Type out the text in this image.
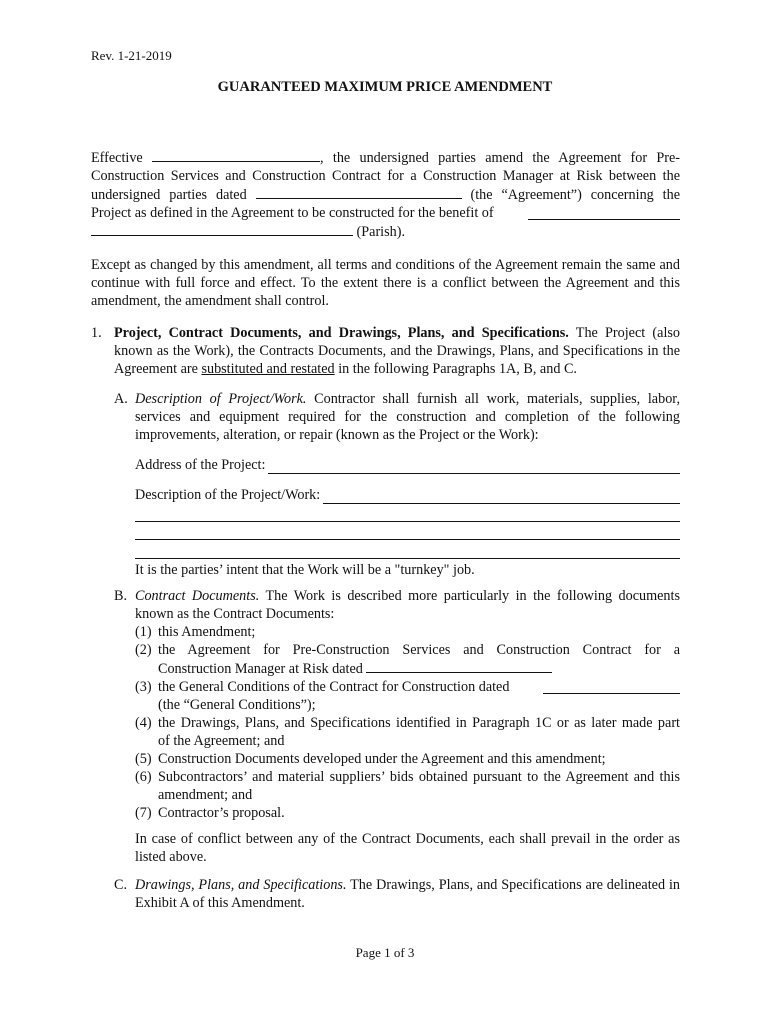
Rev. 1-21-2019
GUARANTEED MAXIMUM PRICE AMENDMENT
Effective	, the undersigned parties amend the Agreement for Pre-
Construction Services and Construction Contract for a Construction Manager at Risk between the
undersigned parties dated	(the “Agreement”) concerning the
Project as defined in the Agreement to be constructed for the benefit of
(Parish).
Except as changed by this amendment, all terms and conditions of the Agreement remain the same and continue with full force and effect. To the extent there is a conflict between the Agreement and this amendment, the amendment shall control.
1. Project, Contract Documents, and Drawings, Plans, and Specifications. The Project (also known as the Work), the Contracts Documents, and the Drawings, Plans, and Specifications in the Agreement are substituted and restated in the following Paragraphs 1A, B, and C.
A. Description of Project/Work. Contractor shall furnish all work, materials, supplies, labor, services and equipment required for the construction and completion of the following improvements, alteration, or repair (known as the Project or the Work):
Address of the Project:
Description of the Project/Work:
It is the parties’ intent that the Work will be a "turnkey" job.
B. Contract Documents. The Work is described more particularly in the following documents known as the Contract Documents:
(1) this Amendment;
(2) the Agreement for Pre-Construction Services and Construction Contract for a
Construction Manager at Risk dated
(3) the General Conditions of the Contract for Construction dated
(the “General Conditions”);
(4) the Drawings, Plans, and Specifications identified in Paragraph 1C or as later made part
of the Agreement; and
(5) Construction Documents developed under the Agreement and this amendment;
(6) Subcontractors’ and material suppliers’ bids obtained pursuant to the Agreement and this
amendment; and
(7) Contractor’s proposal.
In case of conflict between any of the Contract Documents, each shall prevail in the order as listed above.
C. Drawings, Plans, and Specifications. The Drawings, Plans, and Specifications are delineated in Exhibit A of this Amendment.
Page 1 of 3
